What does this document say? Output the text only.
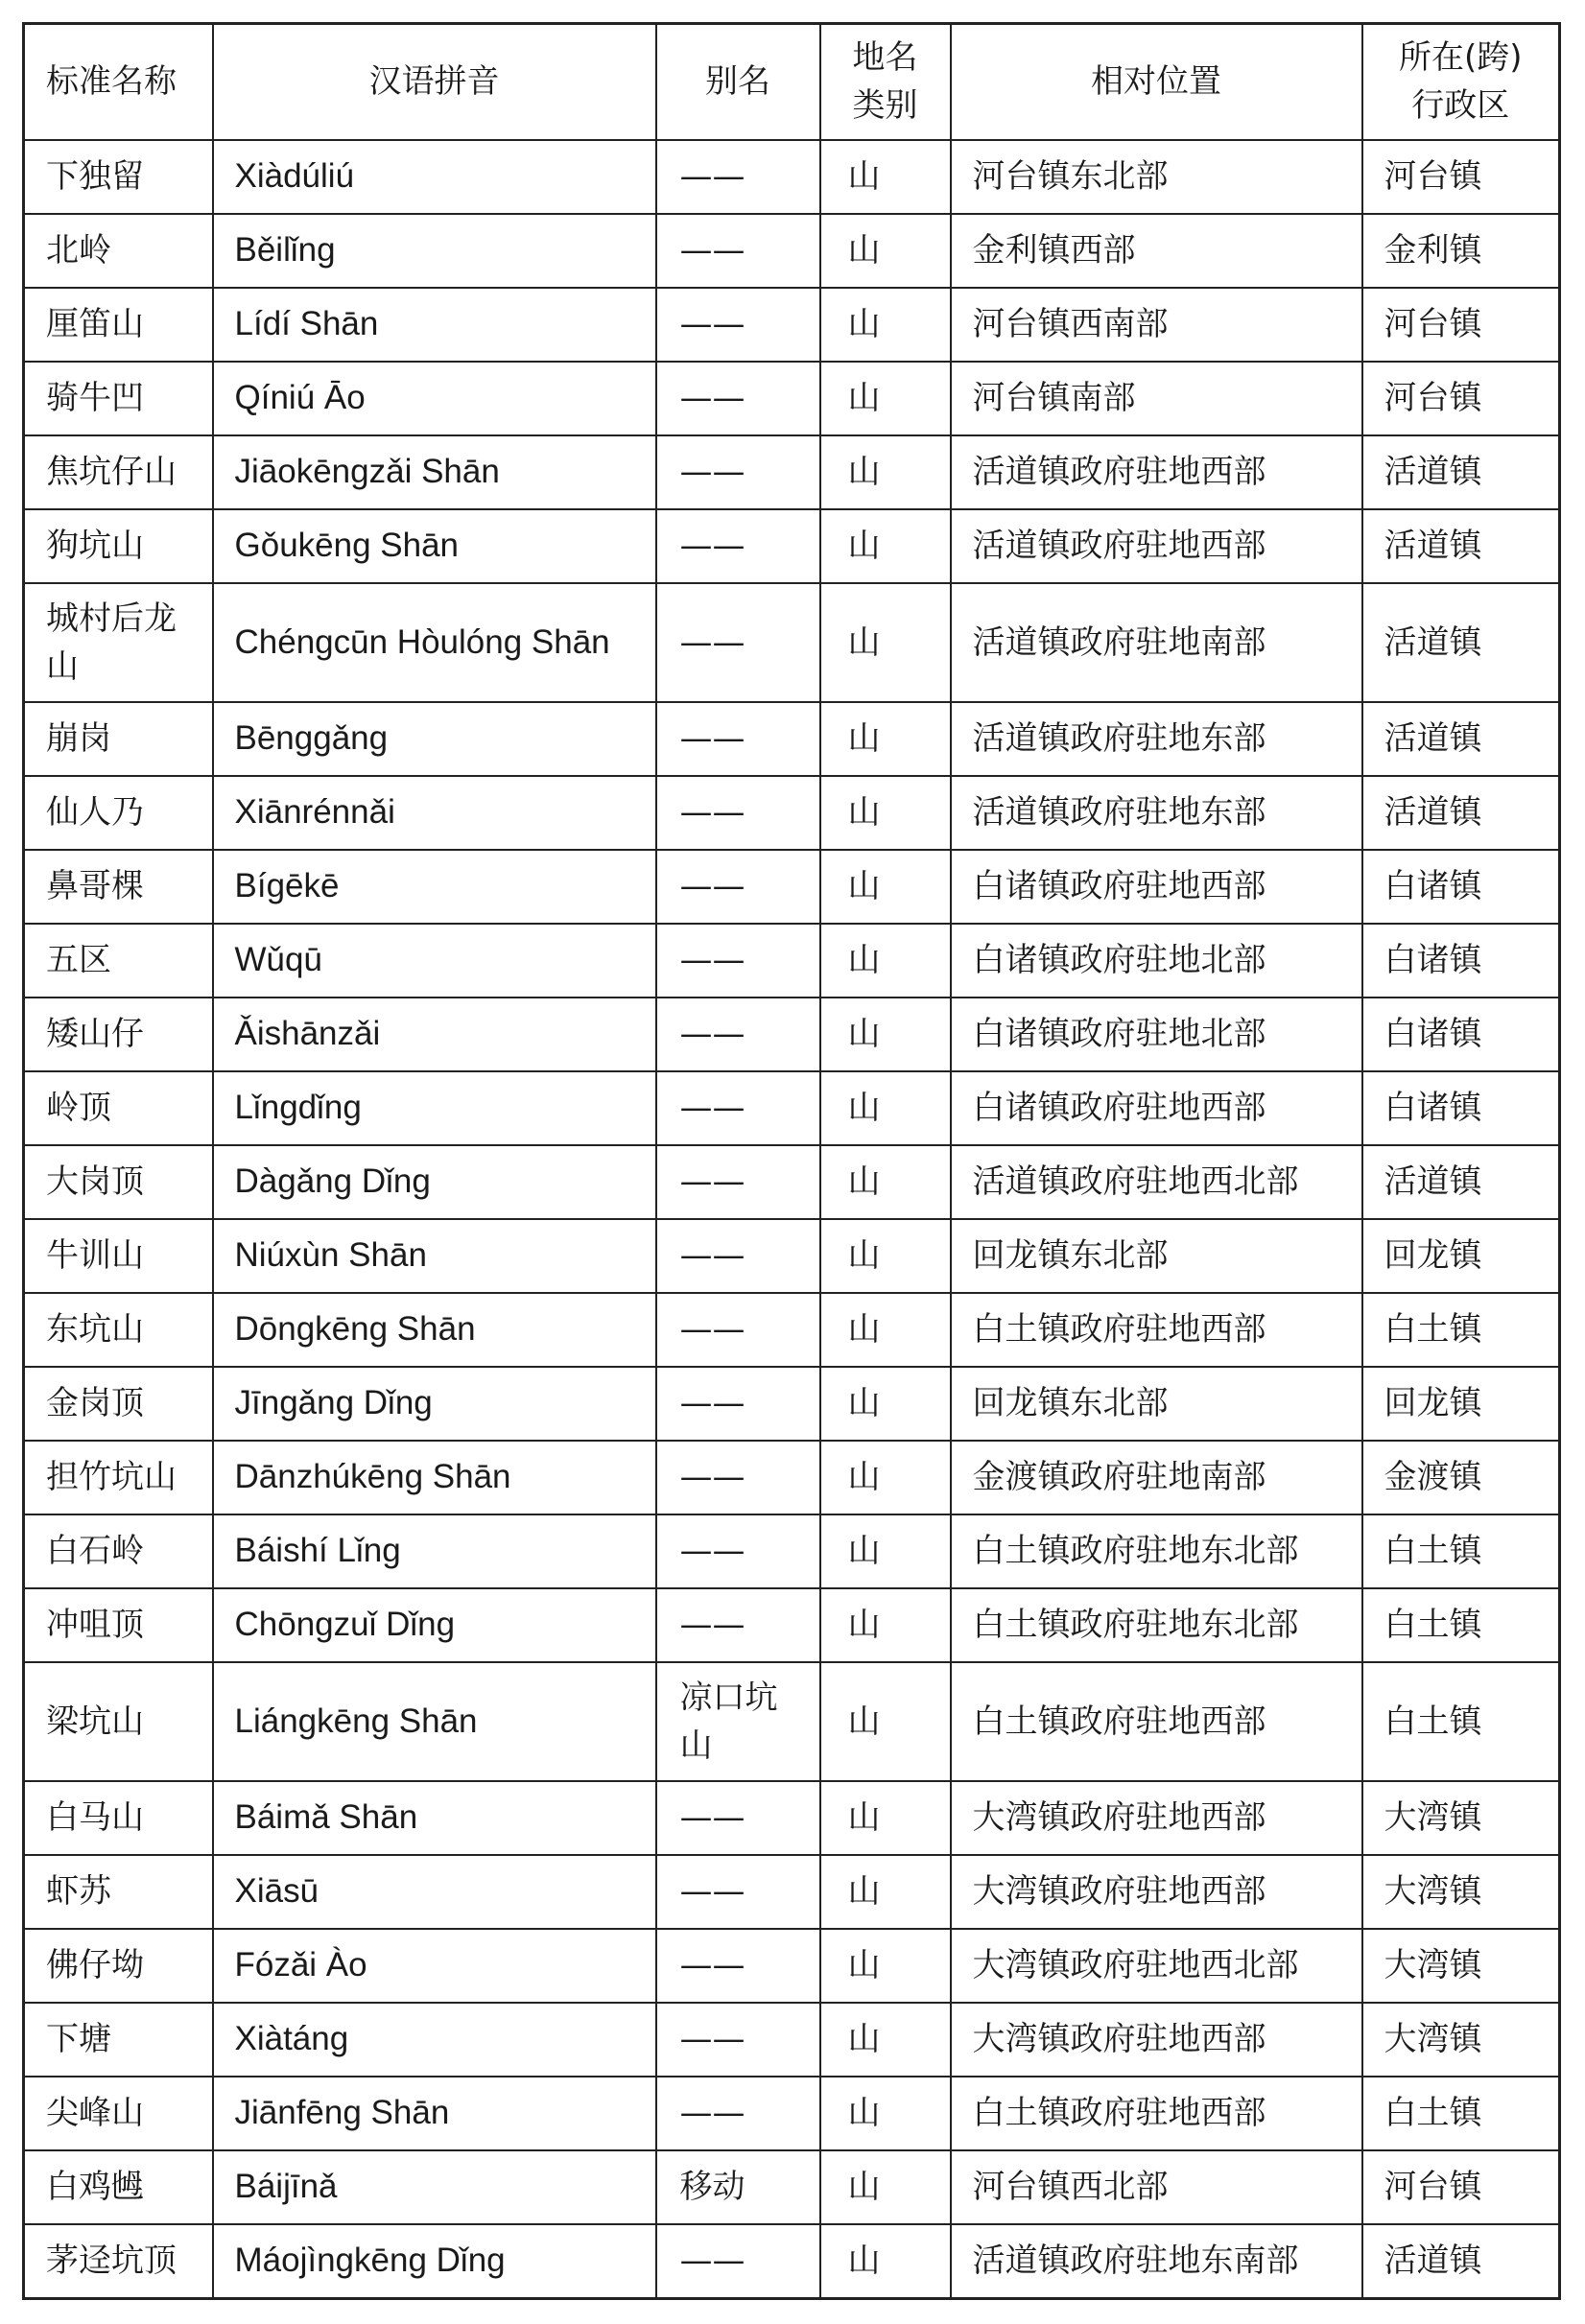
标准名称	汉语拼音	别名	地名类别	相对位置	所在(跨)行政区
下独留	Xiàdúliú	——	山	河台镇东北部	河台镇
北岭	Běilǐng	——	山	金利镇西部	金利镇
厘笛山	Lídí Shān	——	山	河台镇西南部	河台镇
骑牛凹	Qíniú Āo	——	山	河台镇南部	河台镇
焦坑仔山	Jiāokēngzǎi Shān	——	山	活道镇政府驻地西部	活道镇
狗坑山	Gǒukēng Shān	——	山	活道镇政府驻地西部	活道镇
城村后龙山	Chéngcūn Hòulóng Shān	——	山	活道镇政府驻地南部	活道镇
崩岗	Bēnggǎng	——	山	活道镇政府驻地东部	活道镇
仙人乃	Xiānrénnǎi	——	山	活道镇政府驻地东部	活道镇
鼻哥棵	Bígēkē	——	山	白诸镇政府驻地西部	白诸镇
五区	Wǔqū	——	山	白诸镇政府驻地北部	白诸镇
矮山仔	Ǎishānzǎi	——	山	白诸镇政府驻地北部	白诸镇
岭顶	Lǐngdǐng	——	山	白诸镇政府驻地西部	白诸镇
大岗顶	Dàgǎng Dǐng	——	山	活道镇政府驻地西北部	活道镇
牛训山	Niúxùn Shān	——	山	回龙镇东北部	回龙镇
东坑山	Dōngkēng Shān	——	山	白土镇政府驻地西部	白土镇
金岗顶	Jīngǎng Dǐng	——	山	回龙镇东北部	回龙镇
担竹坑山	Dānzhúkēng Shān	——	山	金渡镇政府驻地南部	金渡镇
白石岭	Báishí Lǐng	——	山	白土镇政府驻地东北部	白土镇
冲咀顶	Chōngzuǐ Dǐng	——	山	白土镇政府驻地东北部	白土镇
梁坑山	Liángkēng Shān	凉口坑山	山	白土镇政府驻地西部	白土镇
白马山	Báimǎ Shān	——	山	大湾镇政府驻地西部	大湾镇
虾苏	Xiāsū	——	山	大湾镇政府驻地西部	大湾镇
佛仔坳	Fózǎi Ào	——	山	大湾镇政府驻地西北部	大湾镇
下塘	Xiàtáng	——	山	大湾镇政府驻地西部	大湾镇
尖峰山	Jiānfēng Shān	——	山	白土镇政府驻地西部	白土镇
白鸡乸	Báijīnǎ	移动	山	河台镇西北部	河台镇
茅迳坑顶	Máojìngkēng Dǐng	——	山	活道镇政府驻地东南部	活道镇
